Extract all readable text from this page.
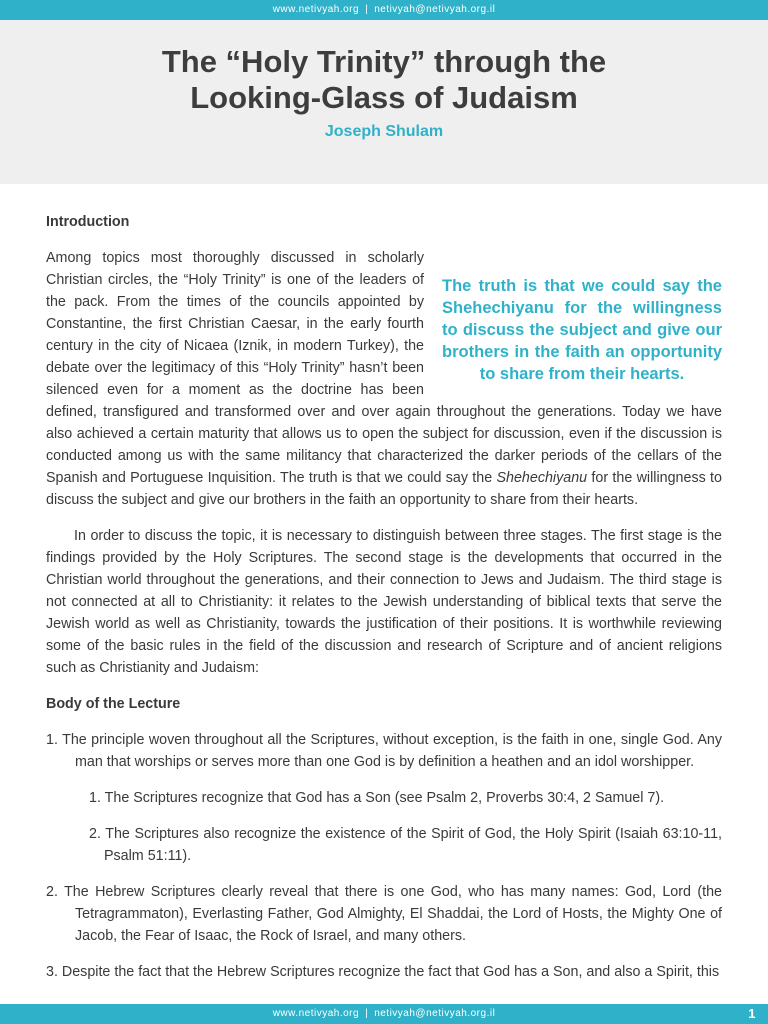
www.netivyah.org | netivyah@netivyah.org.il
The “Holy Trinity” through the
Looking-Glass of Judaism

Joseph Shulam

Introduction

The truth is that we could say the Shehechiyanu for the willingness to discuss the subject and give our brothers in the faith an opportunity to share from their hearts.

Among topics most thoroughly discussed in scholarly Christian circles, the “Holy Trinity” is one of the leaders of the pack. From the times of the councils appointed by Constantine, the first Christian Caesar, in the early fourth century in the city of Nicaea (Iznik, in modern Turkey), the debate over the legitimacy of this “Holy Trinity” hasn’t been silenced even for a moment as the doctrine has been defined, transfigured and transformed over and over again throughout the generations. Today we have also achieved a certain maturity that allows us to open the subject for discussion, even if the discussion is conducted among us with the same militancy that characterized the darker periods of the cellars of the Spanish and Portuguese Inquisition. The truth is that we could say the Shehechiyanu for the willingness to discuss the subject and give our brothers in the faith an opportunity to share from their hearts.

In order to discuss the topic, it is necessary to distinguish between three stages. The first stage is the findings provided by the Holy Scriptures. The second stage is the developments that occurred in the Christian world throughout the generations, and their connection to Jews and Judaism. The third stage is not connected at all to Christianity: it relates to the Jewish understanding of biblical texts that serve the Jewish world as well as Christianity, towards the justification of their positions. It is worthwhile reviewing some of the basic rules in the field of the discussion and research of Scripture and of ancient religions such as Christianity and Judaism:

Body of the Lecture

1. The principle woven throughout all the Scriptures, without exception, is the faith in one, single God. Any man that worships or serves more than one God is by definition a heathen and an idol worshipper.

1. The Scriptures recognize that God has a Son (see Psalm 2, Proverbs 30:4, 2 Samuel 7).

2. The Scriptures also recognize the existence of the Spirit of God, the Holy Spirit (Isaiah 63:10-11, Psalm 51:11).

2. The Hebrew Scriptures clearly reveal that there is one God, who has many names: God, Lord (the Tetragrammaton), Everlasting Father, God Almighty, El Shaddai, the Lord of Hosts, the Mighty One of Jacob, the Fear of Isaac, the Rock of Israel, and many others.

3. Despite the fact that the Hebrew Scriptures recognize the fact that God has a Son, and also a Spirit, this

www.netivyah.org | netivyah@netivyah.org.il	1
